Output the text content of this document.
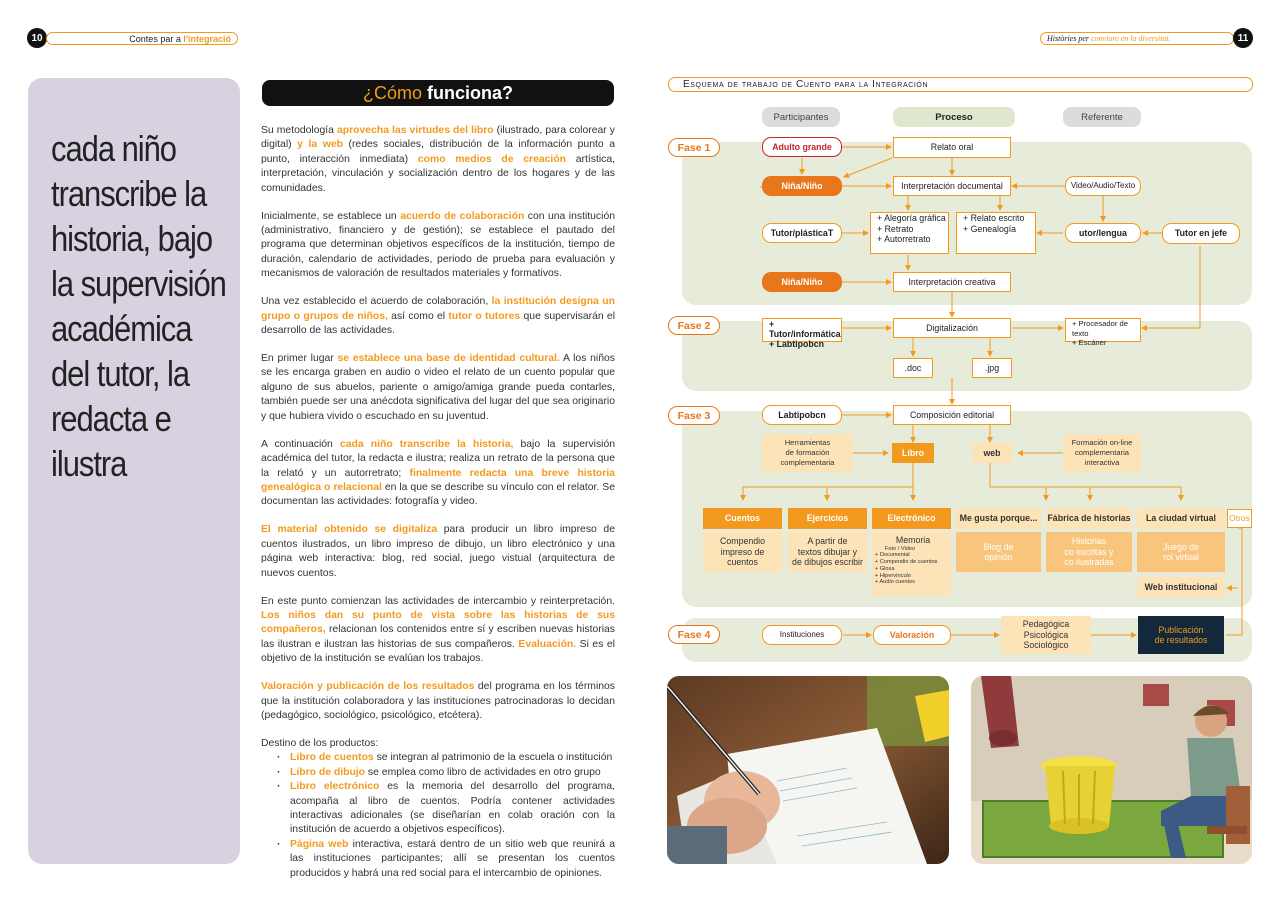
10	Contes par a
l'integració	Històries per
conviure en la diversitat.	11

cada niño transcribe la historia, bajo la supervisión académica del tutor, la redacta e ilustra

¿Cómo funciona?

Su metodología aprovecha las virtudes del libro (ilustrado, para colorear y digital) y la web (redes sociales, distribución de la información punto a punto, interacción inmediata) como medios de creación artística, interpretación, vinculación y socialización dentro de los hogares y de las comunidades.

Inicialmente, se establece un acuerdo de colaboración con una institución (administrativo, financiero y de gestión); se establece el pautado del programa que determinan objetivos específicos de la institución, tiempo de duración, calendario de actividades, periodo de prueba para evaluación y mecanismos de valoración de resultados materiales y formativos.

Una vez establecido el acuerdo de colaboración, la institución designa un grupo o grupos de niños, así como el tutor o tutores que supervisarán el desarrollo de las actividades.

En primer lugar se establece una base de identidad cultural. A los niños se les encarga graben en audio o video el relato de un cuento popular que alguno de sus abuelos, pariente o amigo/amiga grande pueda contarles, también puede ser una anécdota significativa del lugar del que sea originario y que hubiera vivido o escuchado en su juventud.

A continuación cada niño transcribe la historia, bajo la supervisión académica del tutor, la redacta e ilustra; realiza un retrato de la persona que la relató y un autorretrato; finalmente redacta una breve historia genealógica o relacional en la que se describe su vínculo con el relator. Se documentan las actividades: fotografía y video.

El material obtenido se digitaliza para producir un libro impreso de cuentos ilustrados, un libro impreso de dibujo, un libro electrónico y una página web interactiva: blog, red social, juego vistual (arquitectura de nuevos cuentos.

En este punto comienzan las actividades de intercambio y reinterpretación. Los niños dan su punto de vista sobre las historias de sus compañeros, relacionan los contenidos entre sí y escriben nuevas historias las ilustran e ilustran las historias de sus compañeros. Evaluación. Si es el objetivo de la institución se evalúan los trabajos.

Valoración y publicación de los resultados del programa en los términos que la institución colaboradora y las instituciones patrocinadoras lo decidan (pedagógico, sociológico, psicológico, etcétera).

Destino de los productos:

· Libro de cuentos se integran al patrimonio de la escuela o institución
· Libro de dibujo se emplea como libro de actividades en otro grupo
· Libro electrónico es la memoria del desarrollo del programa, acompaña al libro de cuentos. Podría contener actividades interactivas adicionales (se diseñarían en colab oración con la institución de acuerdo a objetivos específicos).
· Página web interactiva, estará dentro de un sitio web que reunirá a las instituciones participantes; allí se presentan los cuentos producidos y habrá una red social para el intercambio de opiniones.
Esquema de trabajo de Cuento para la Integración
Participantes	Proceso	Referente
Fase 1
Fase 2
Fase 3
Fase 4
Adulto grande	Relato oral
Niña/Niño	Interpretación documental	Video/Audio/Texto
Tutor/plásticaT
+ Alegoría gráfica
+ Retrato
+ Autorretrato
+ Relato escrito
+ Genealogía	utor/lengua	Tutor en jefe
Niña/Niño	Interpretación creativa
+ Tutor/informática
+ Labtipobcn
Digitalización	+ Procesador de texto
+ Escáner
.doc	.jpg
Labtipobcn	Composición editorial
Herramientas
de formación
complementaria
Libro	web
Formación on-line
complementaria
interactiva
Cuentos	Ejercicios	Electrónico	Me gusta porque...	Fábrica de historias	La ciudad virtual	Otros
Compendio
impreso de
cuentos
A partir de
textos dibujar y
de dibujos escribir
Memoria
Foto / Video
+ Documental
+ Compendio de cuentos
+ Glosa
+ Hipervínculo
+ Audio cuentos
Blog de
opinión
Historias
co escritas y
co ilustradas
Juego de
rol virtual
Web institucional
Instituciones	Valoración
Pedagógica
Psicológica
Sociológico
Publicación
de resultados
